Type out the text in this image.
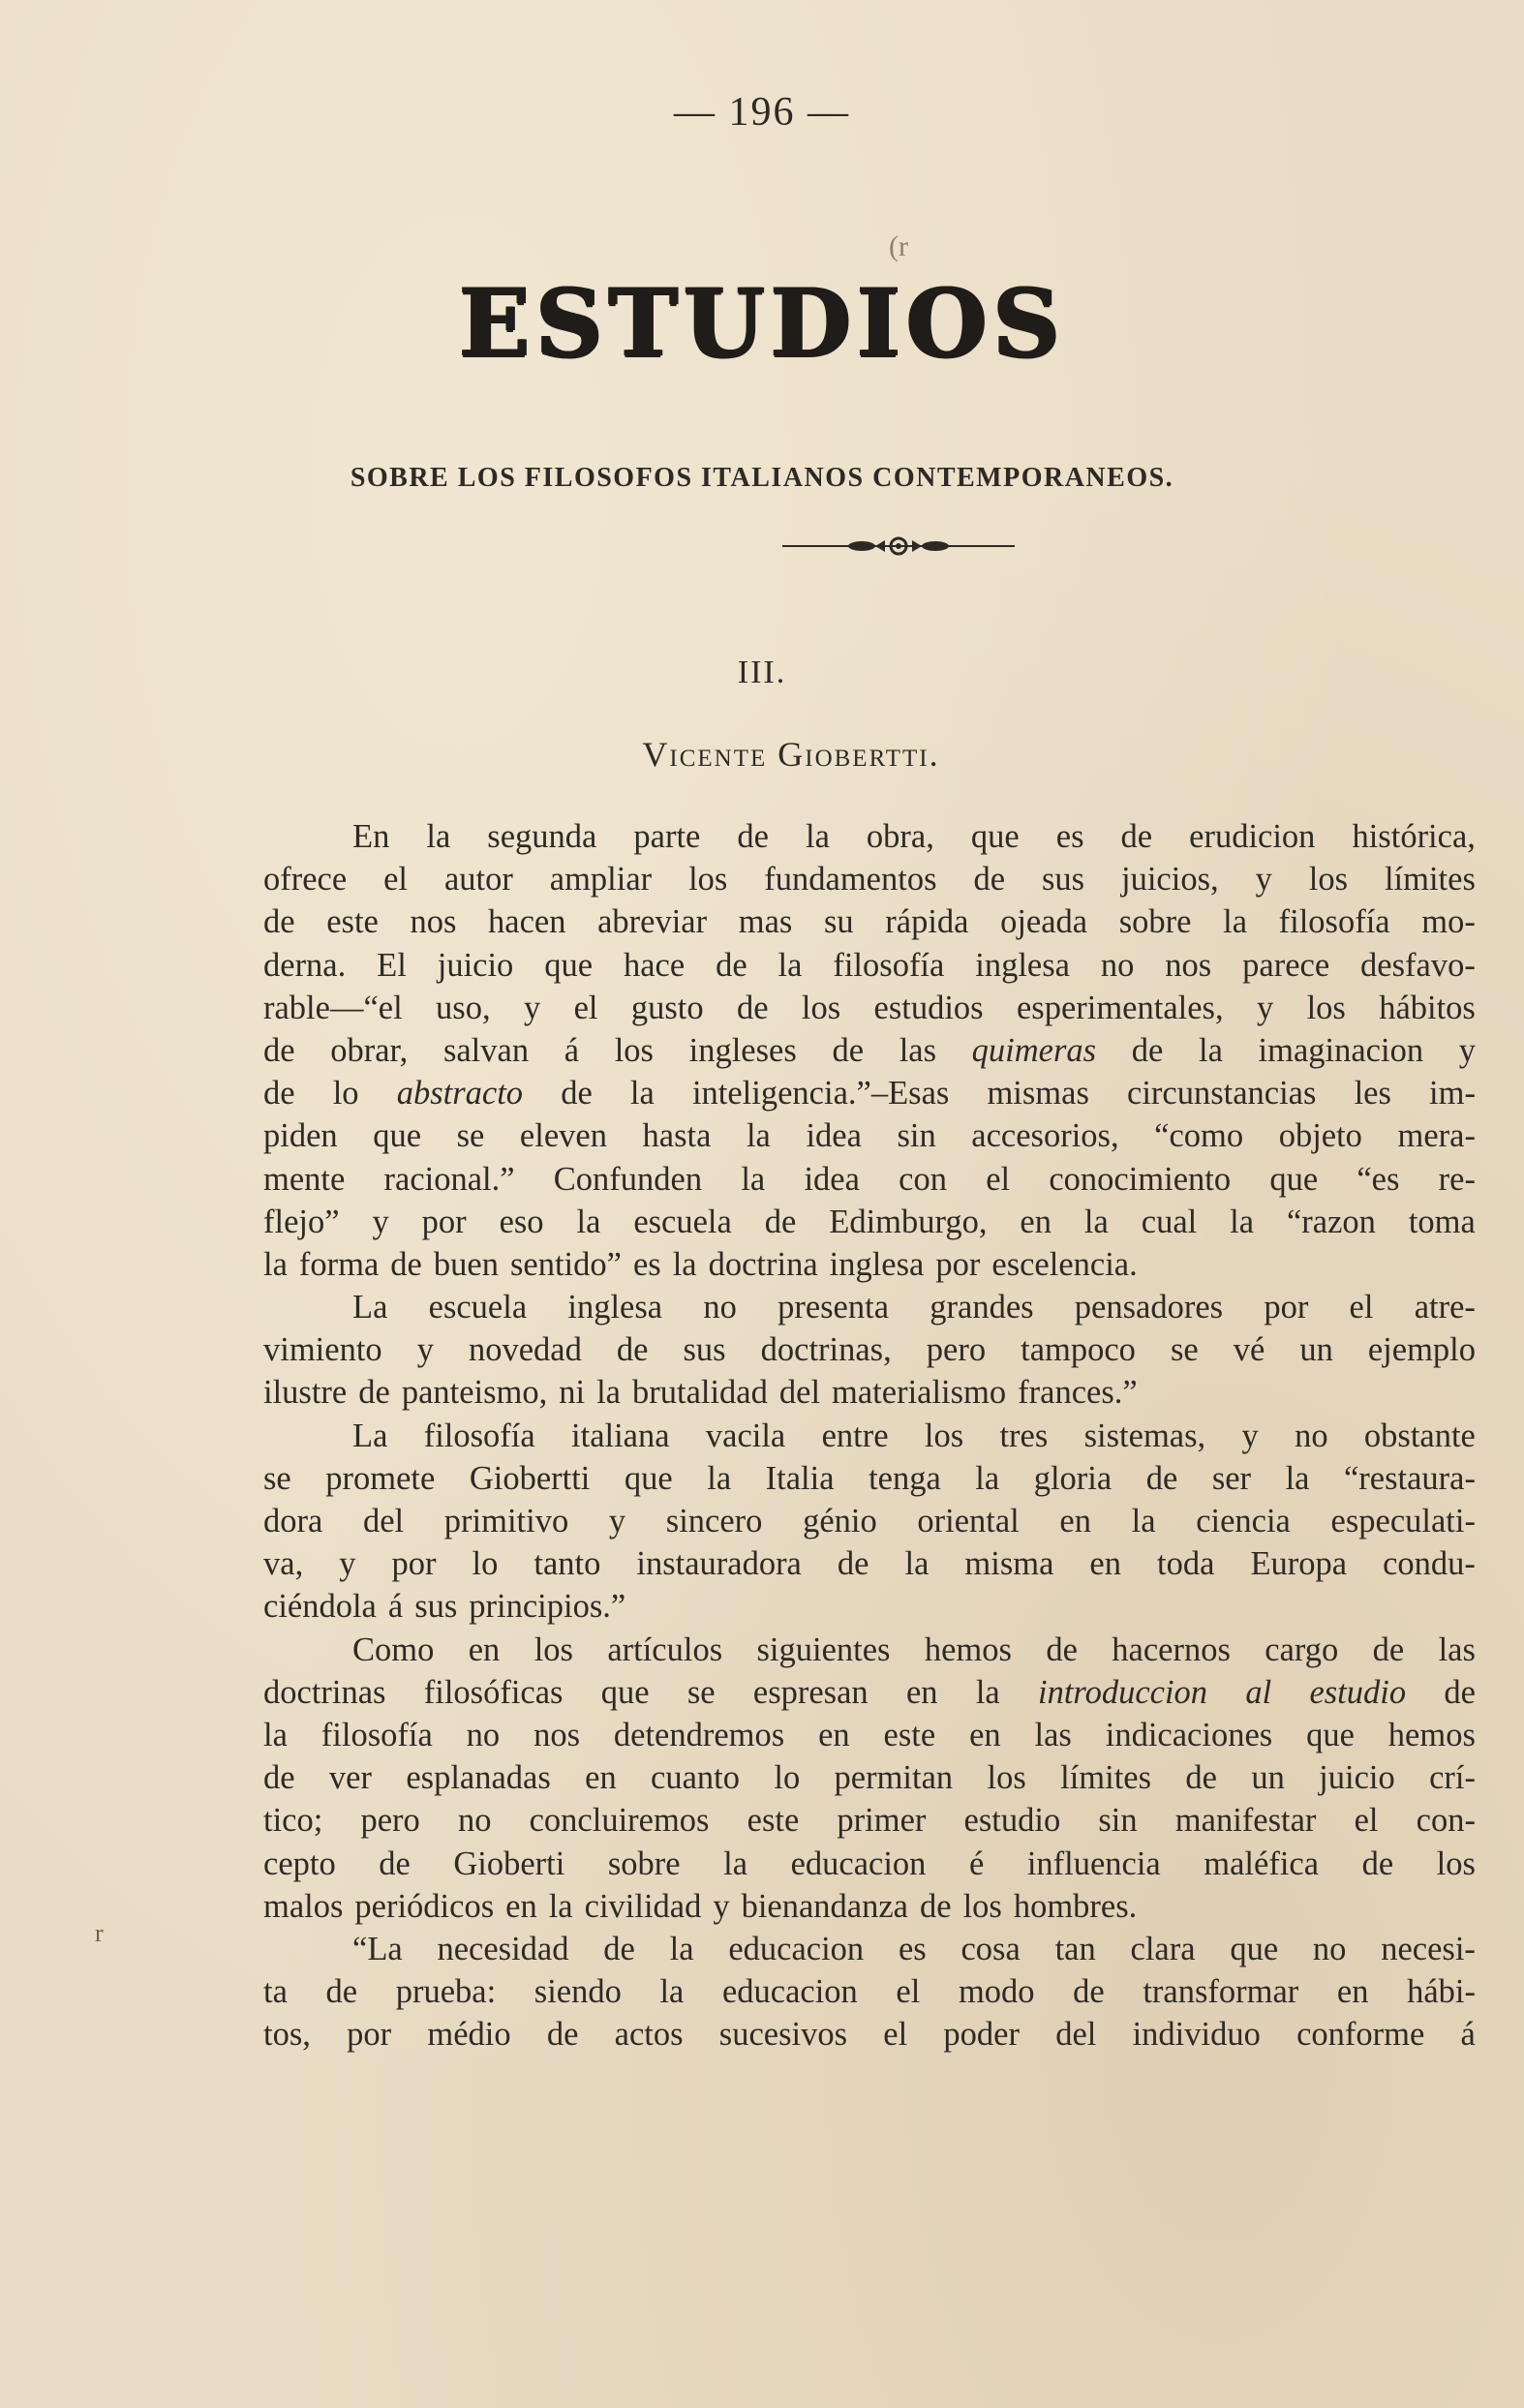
— 196 —
(r
ESTUDIOS
SOBRE LOS FILOSOFOS ITALIANOS CONTEMPORANEOS.
III.
Vicente Giobertti.
En la segunda parte de la obra, que es de erudicion histórica,
ofrece el autor ampliar los fundamentos de sus juicios, y los límites
de este nos hacen abreviar mas su rápida ojeada sobre la filosofía mo-
derna. El juicio que hace de la filosofía inglesa no nos parece desfavo-
rable—“el uso, y el gusto de los estudios esperimentales, y los hábitos
de obrar, salvan á los ingleses de las quimeras de la imaginacion y
de lo abstracto de la inteligencia.”–Esas mismas circunstancias les im-
piden que se eleven hasta la idea sin accesorios, “como objeto mera-
mente racional.” Confunden la idea con el conocimiento que “es re-
flejo” y por eso la escuela de Edimburgo, en la cual la “razon toma
la forma de buen sentido” es la doctrina inglesa por escelencia.
La escuela inglesa no presenta grandes pensadores por el atre-
vimiento y novedad de sus doctrinas, pero tampoco se vé un ejemplo
ilustre de panteismo, ni la brutalidad del materialismo frances.”
La filosofía italiana vacila entre los tres sistemas, y no obstante
se promete Giobertti que la Italia tenga la gloria de ser la “restaura-
dora del primitivo y sincero génio oriental en la ciencia especulati-
va, y por lo tanto instauradora de la misma en toda Europa condu-
ciéndola á sus principios.”
Como en los artículos siguientes hemos de hacernos cargo de las
doctrinas filosóficas que se espresan en la introduccion al estudio de
la filosofía no nos detendremos en este en las indicaciones que hemos
de ver esplanadas en cuanto lo permitan los límites de un juicio crí-
tico; pero no concluiremos este primer estudio sin manifestar el con-
cepto de Gioberti sobre la educacion é influencia maléfica de los
malos periódicos en la civilidad y bienandanza de los hombres.
“La necesidad de la educacion es cosa tan clara que no necesi-
ta de prueba: siendo la educacion el modo de transformar en hábi-
tos, por médio de actos sucesivos el poder del individuo conforme á
r
